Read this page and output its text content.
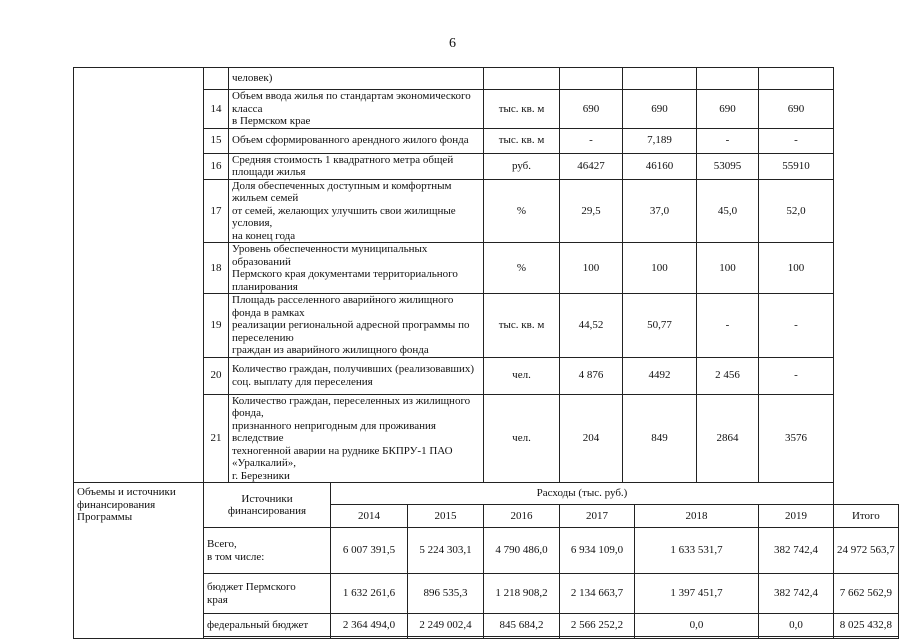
6
		человек)									
	14	Объем ввода жилья по стандартам экономического класса
в Пермском крае			тыс. кв. м	690	690		690	690	
	15	Объем сформированного арендного жилого фонда			тыс. кв. м	-	7,189		-	-	
	16	Средняя стоимость 1 квадратного метра общей площади жилья			руб.	46427	46160		53095	55910	
	17	Доля обеспеченных доступным и комфортным жильем семей
от семей, желающих улучшить свои жилищные условия,
на конец года			%	29,5	37,0		45,0	52,0	
	18	Уровень обеспеченности муниципальных образований
Пермского края документами территориального планирования			%	100	100		100	100	
	19	Площадь расселенного аварийного жилищного фонда в рамках
реализации региональной адресной программы по переселению
граждан из аварийного жилищного фонда			тыс. кв. м	44,52	50,77		-	-	
	20	Количество граждан, получивших (реализовавших)
соц. выплату для переселения			чел.	4 876	4492		2 456	-	
	21	Количество граждан, переселенных из жилищного фонда,
признанного непригодным для проживания вследствие
техногенной аварии на руднике БКПРУ-1 ПАО «Уралкалий»,
г. Березники			чел.	204	849		2864	3576	
Объемы и источники
финансирования
Программы	Источники
финансирования		Расходы (тыс. руб.)								
			2014	2015	2016	2017		2018		2019	Итого
	Всего,
в том числе:		6 007 391,5	5 224 303,1	4 790 486,0	6 934 109,0		1 633 531,7		382 742,4	24 972 563,7
	бюджет Пермского
края		1 632 261,6	896 535,3	1 218 908,2	2 134 663,7		1 397 451,7		382 742,4	7 662 562,9
	федеральный бюджет		2 364 494,0	2 249 002,4	845 684,2	2 566 252,2		0,0		0,0	8 025 432,8
